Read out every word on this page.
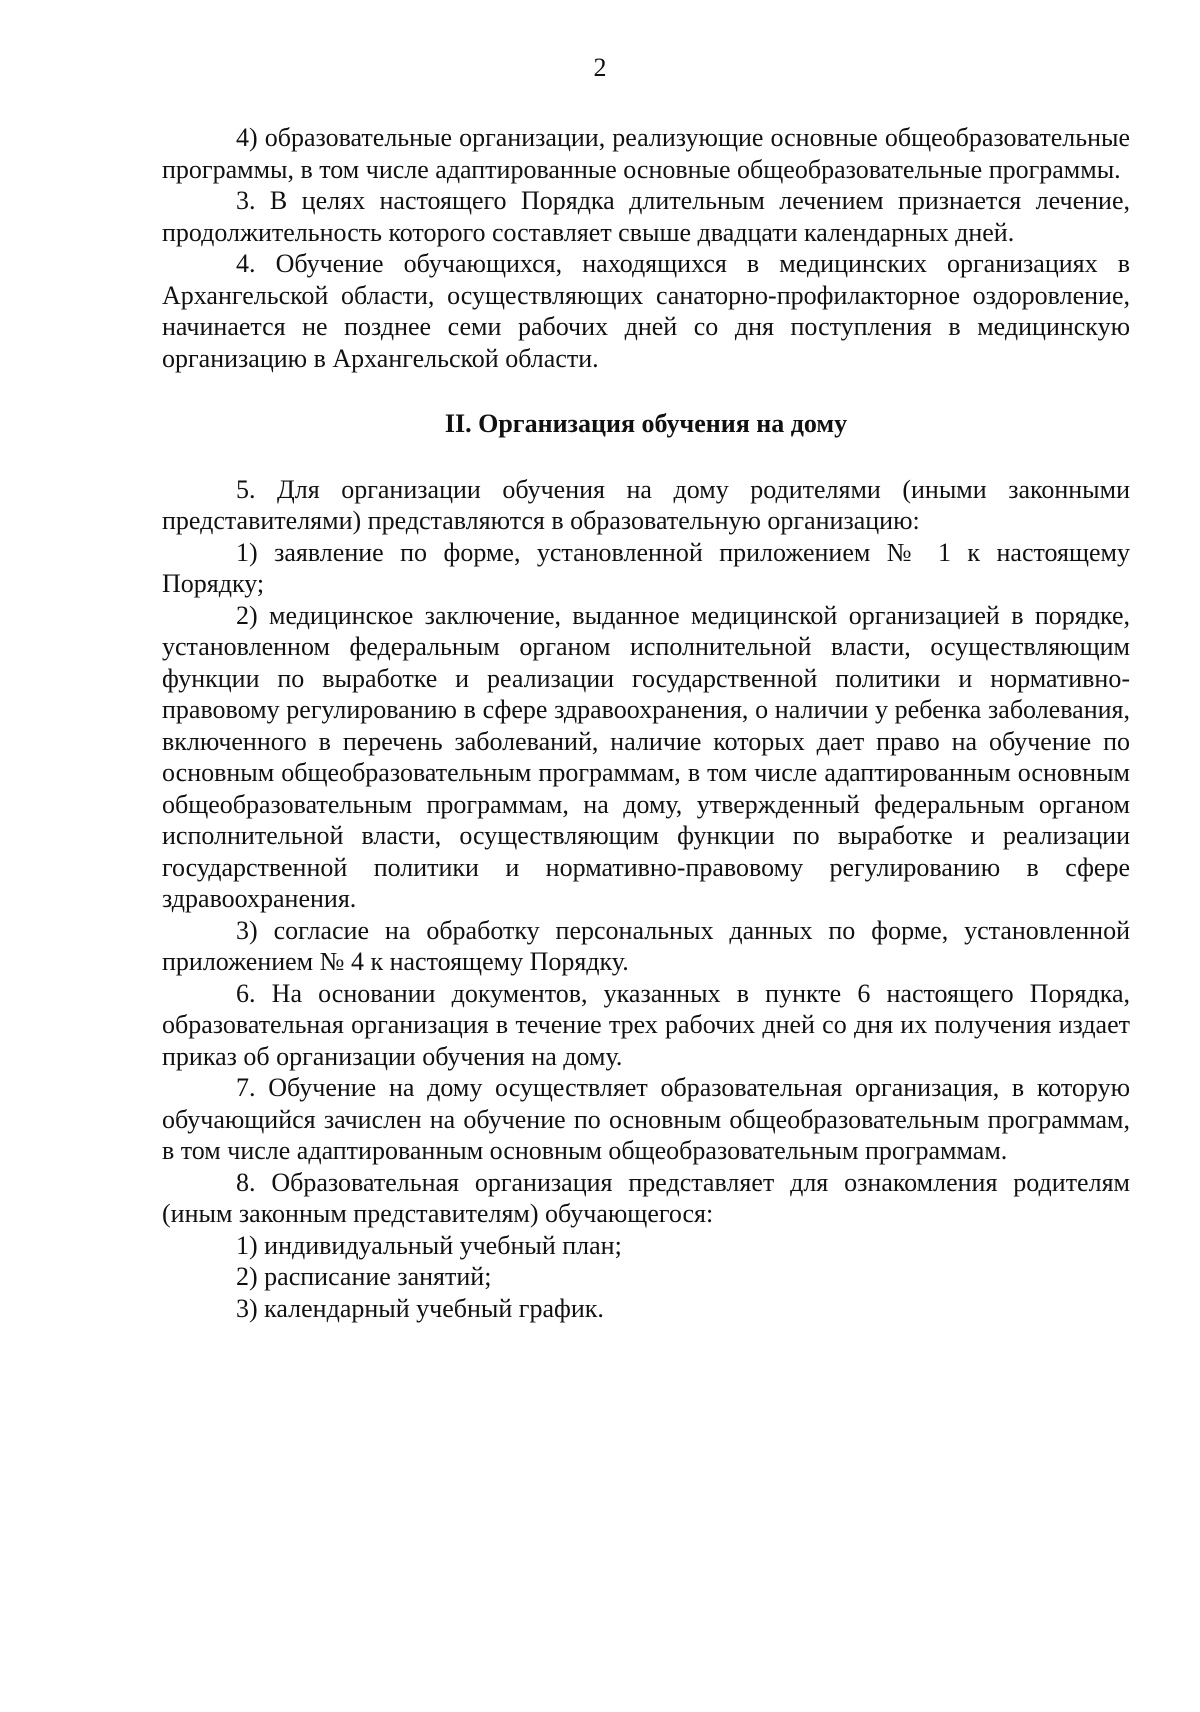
2

4) образовательные организации, реализующие основные общеобразовательные программы, в том числе адаптированные основные общеобразовательные программы.

3. В целях настоящего Порядка длительным лечением признается лечение, продолжительность которого составляет свыше двадцати календарных дней.

4. Обучение обучающихся, находящихся в медицинских организациях в Архангельской области, осуществляющих санаторно-профилакторное оздоровление, начинается не позднее семи рабочих дней со дня поступления в медицинскую организацию в Архангельской области.

II. Организация обучения на дому

5. Для организации обучения на дому родителями (иными законными представителями) представляются в образовательную организацию:

1) заявление по форме, установленной приложением № 1 к настоящему Порядку;

2) медицинское заключение, выданное медицинской организацией в порядке, установленном федеральным органом исполнительной власти, осуществляющим функции по выработке и реализации государственной политики и нормативно-правовому регулированию в сфере здравоохранения, о наличии у ребенка заболевания, включенного в перечень заболеваний, наличие которых дает право на обучение по основным общеобразовательным программам, в том числе адаптированным основным общеобразовательным программам, на дому, утвержденный федеральным органом исполнительной власти, осуществляющим функции по выработке и реализации государственной политики и нормативно-правовому регулированию в сфере здравоохранения.

3) согласие на обработку персональных данных по форме, установленной приложением № 4 к настоящему Порядку.

6. На основании документов, указанных в пункте 6 настоящего Порядка, образовательная организация в течение трех рабочих дней со дня их получения издает приказ об организации обучения на дому.

7. Обучение на дому осуществляет образовательная организация, в которую обучающийся зачислен на обучение по основным общеобразовательным программам, в том числе адаптированным основным общеобразовательным программам.

8. Образовательная организация представляет для ознакомления родителям (иным законным представителям) обучающегося:

1) индивидуальный учебный план;

2) расписание занятий;

3) календарный учебный график.
